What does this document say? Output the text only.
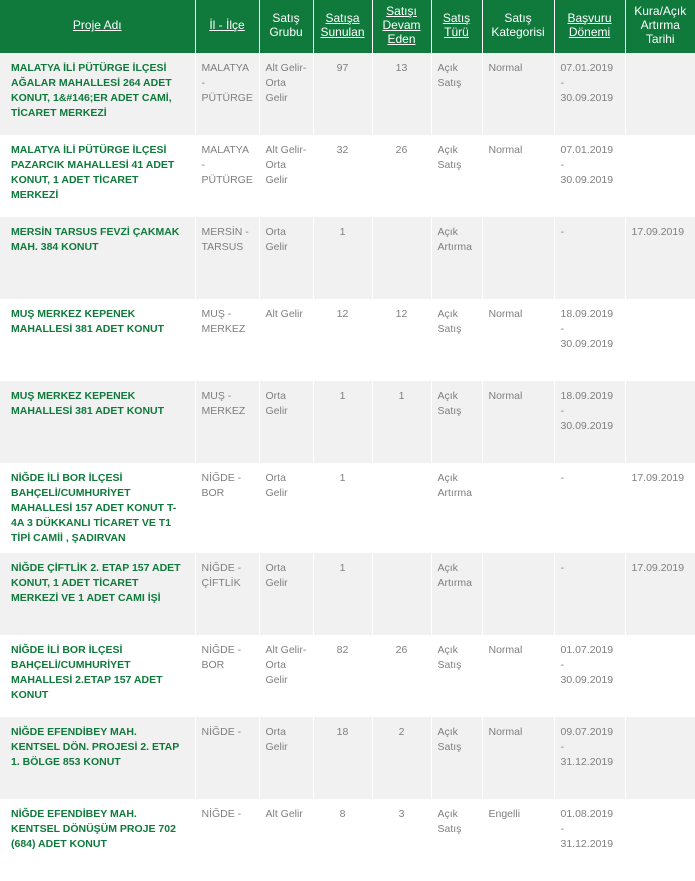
Proje Adı	İl - İlçe	Satış Grubu	Satışa Sunulan	Satışı Devam Eden	Satış Türü	Satış Kategorisi	Başvuru Dönemi	Kura/Açık Artırma Tarihi
MALATYA İLİ PÜTÜRGE İLÇESİ AĞALAR MAHALLESİ 264 ADET KONUT, 1&#146;ER ADET CAMİ, TİCARET MERKEZİ	MALATYA - PÜTÜRGE	Alt Gelir-Orta Gelir	97	13	Açık Satış	Normal	07.01.2019 - 30.09.2019	
MALATYA İLİ PÜTÜRGE İLÇESİ PAZARCIK MAHALLESİ 41 ADET KONUT, 1 ADET TİCARET MERKEZİ	MALATYA - PÜTÜRGE	Alt Gelir-Orta Gelir	32	26	Açık Satış	Normal	07.01.2019 - 30.09.2019	
MERSİN TARSUS FEVZİ ÇAKMAK MAH. 384 KONUT	MERSİN - TARSUS	Orta Gelir	1		Açık Artırma		-	17.09.2019
MUŞ MERKEZ KEPENEK MAHALLESİ 381 ADET KONUT	MUŞ - MERKEZ	Alt Gelir	12	12	Açık Satış	Normal	18.09.2019 - 30.09.2019	
MUŞ MERKEZ KEPENEK MAHALLESİ 381 ADET KONUT	MUŞ - MERKEZ	Orta Gelir	1	1	Açık Satış	Normal	18.09.2019 - 30.09.2019	
NİĞDE İLİ BOR İLÇESİ BAHÇELİ/CUMHURİYET MAHALLESİ 157 ADET KONUT T-4A 3 DÜKKANLI TİCARET VE T1 TİPİ CAMİİ , ŞADIRVAN	NİĞDE - BOR	Orta Gelir	1		Açık Artırma		-	17.09.2019
NİĞDE ÇİFTLİK 2. ETAP 157 ADET KONUT, 1 ADET TİCARET MERKEZİ VE 1 ADET CAMI İŞİ	NİĞDE - ÇİFTLİK	Orta Gelir	1		Açık Artırma		-	17.09.2019
NİĞDE İLİ BOR İLÇESİ BAHÇELİ/CUMHURİYET MAHALLESİ 2.ETAP 157 ADET KONUT	NİĞDE - BOR	Alt Gelir-Orta Gelir	82	26	Açık Satış	Normal	01.07.2019 - 30.09.2019	
NİĞDE EFENDİBEY MAH. KENTSEL DÖN. PROJESİ 2. ETAP 1. BÖLGE 853 KONUT	NİĞDE -	Orta Gelir	18	2	Açık Satış	Normal	09.07.2019 - 31.12.2019	
NİĞDE EFENDİBEY MAH. KENTSEL DÖNÜŞÜM PROJE 702 (684) ADET KONUT	NİĞDE -	Alt Gelir	8	3	Açık Satış	Engelli	01.08.2019 - 31.12.2019	
